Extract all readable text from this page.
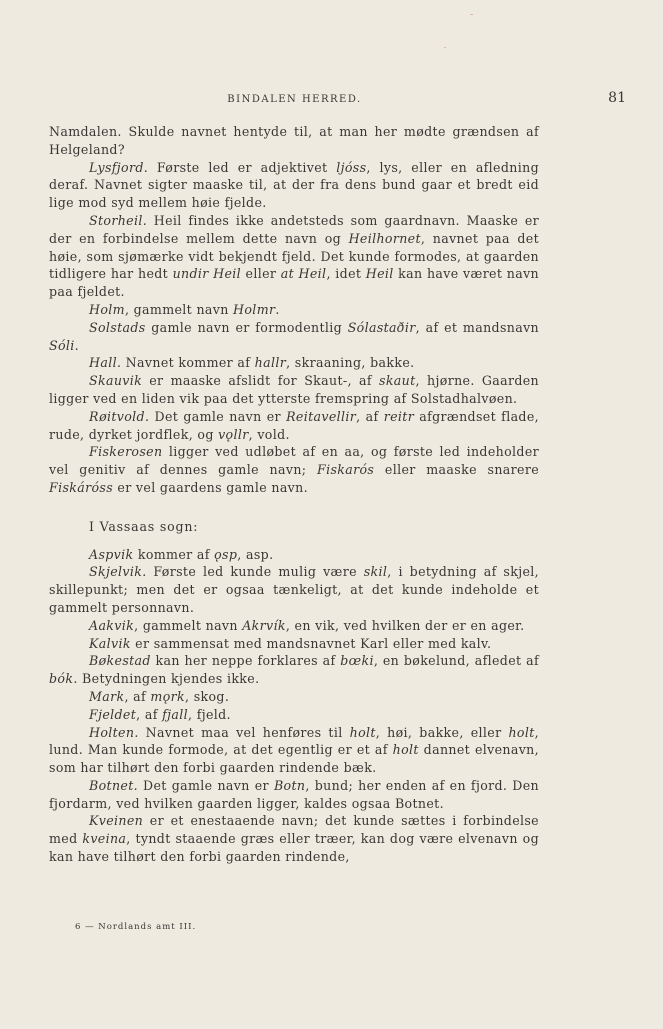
BINDALEN HERRED.	81

Namdalen. Skulde navnet hentyde til, at man her mødte grændsen af Helgeland?

Lysfjord. Første led er adjektivet ljóss, lys, eller en afledning deraf. Navnet sigter maaske til, at der fra dens bund gaar et bredt eid lige mod syd mellem høie fjelde.

Storheil. Heil findes ikke andetsteds som gaardnavn. Maaske er der en forbindelse mellem dette navn og Heilhornet, navnet paa det høie, som sjømærke vidt bekjendt fjeld. Det kunde formodes, at gaarden tidligere har hedt undir Heil eller at Heil, idet Heil kan have været navn paa fjeldet.

Holm, gammelt navn Holmr.

Solstads gamle navn er formodentlig Sólastaðir, af et mandsnavn Sóli.

Hall. Navnet kommer af hallr, skraaning, bakke.

Skauvik er maaske afslidt for Skaut-, af skaut, hjørne. Gaarden ligger ved en liden vik paa det ytterste fremspring af Solstadhalvøen.

Røitvold. Det gamle navn er Reitavellir, af reitr afgrændset flade, rude, dyrket jordflek, og vǫllr, vold.

Fiskerosen ligger ved udløbet af en aa, og første led indeholder vel genitiv af dennes gamle navn; Fiskarós eller maaske snarere Fiskáróss er vel gaardens gamle navn.

I Vassaas sogn:

Aspvik kommer af ǫsp, asp.

Skjelvik. Første led kunde mulig være skil, i betydning af skjel, skillepunkt; men det er ogsaa tænkeligt, at det kunde indeholde et gammelt personnavn.

Aakvik, gammelt navn Akrvík, en vik, ved hvilken der er en ager.

Kalvik er sammensat med mandsnavnet Karl eller med kalv.

Bøkestad kan her neppe forklares af bœki, en bøkelund, afledet af bók. Betydningen kjendes ikke.

Mark, af mǫrk, skog.

Fjeldet, af fjall, fjeld.

Holten. Navnet maa vel henføres til holt, høi, bakke, eller holt, lund. Man kunde formode, at det egentlig er et af holt dannet elvenavn, som har tilhørt den forbi gaarden rindende bæk.

Botnet. Det gamle navn er Botn, bund; her enden af en fjord. Den fjordarm, ved hvilken gaarden ligger, kaldes ogsaa Botnet.

Kveinen er et enestaaende navn; det kunde sættes i forbindelse med kveina, tyndt staaende græs eller træer, kan dog være elvenavn og kan have tilhørt den forbi gaarden rindende,

6 — Nordlands amt III.
